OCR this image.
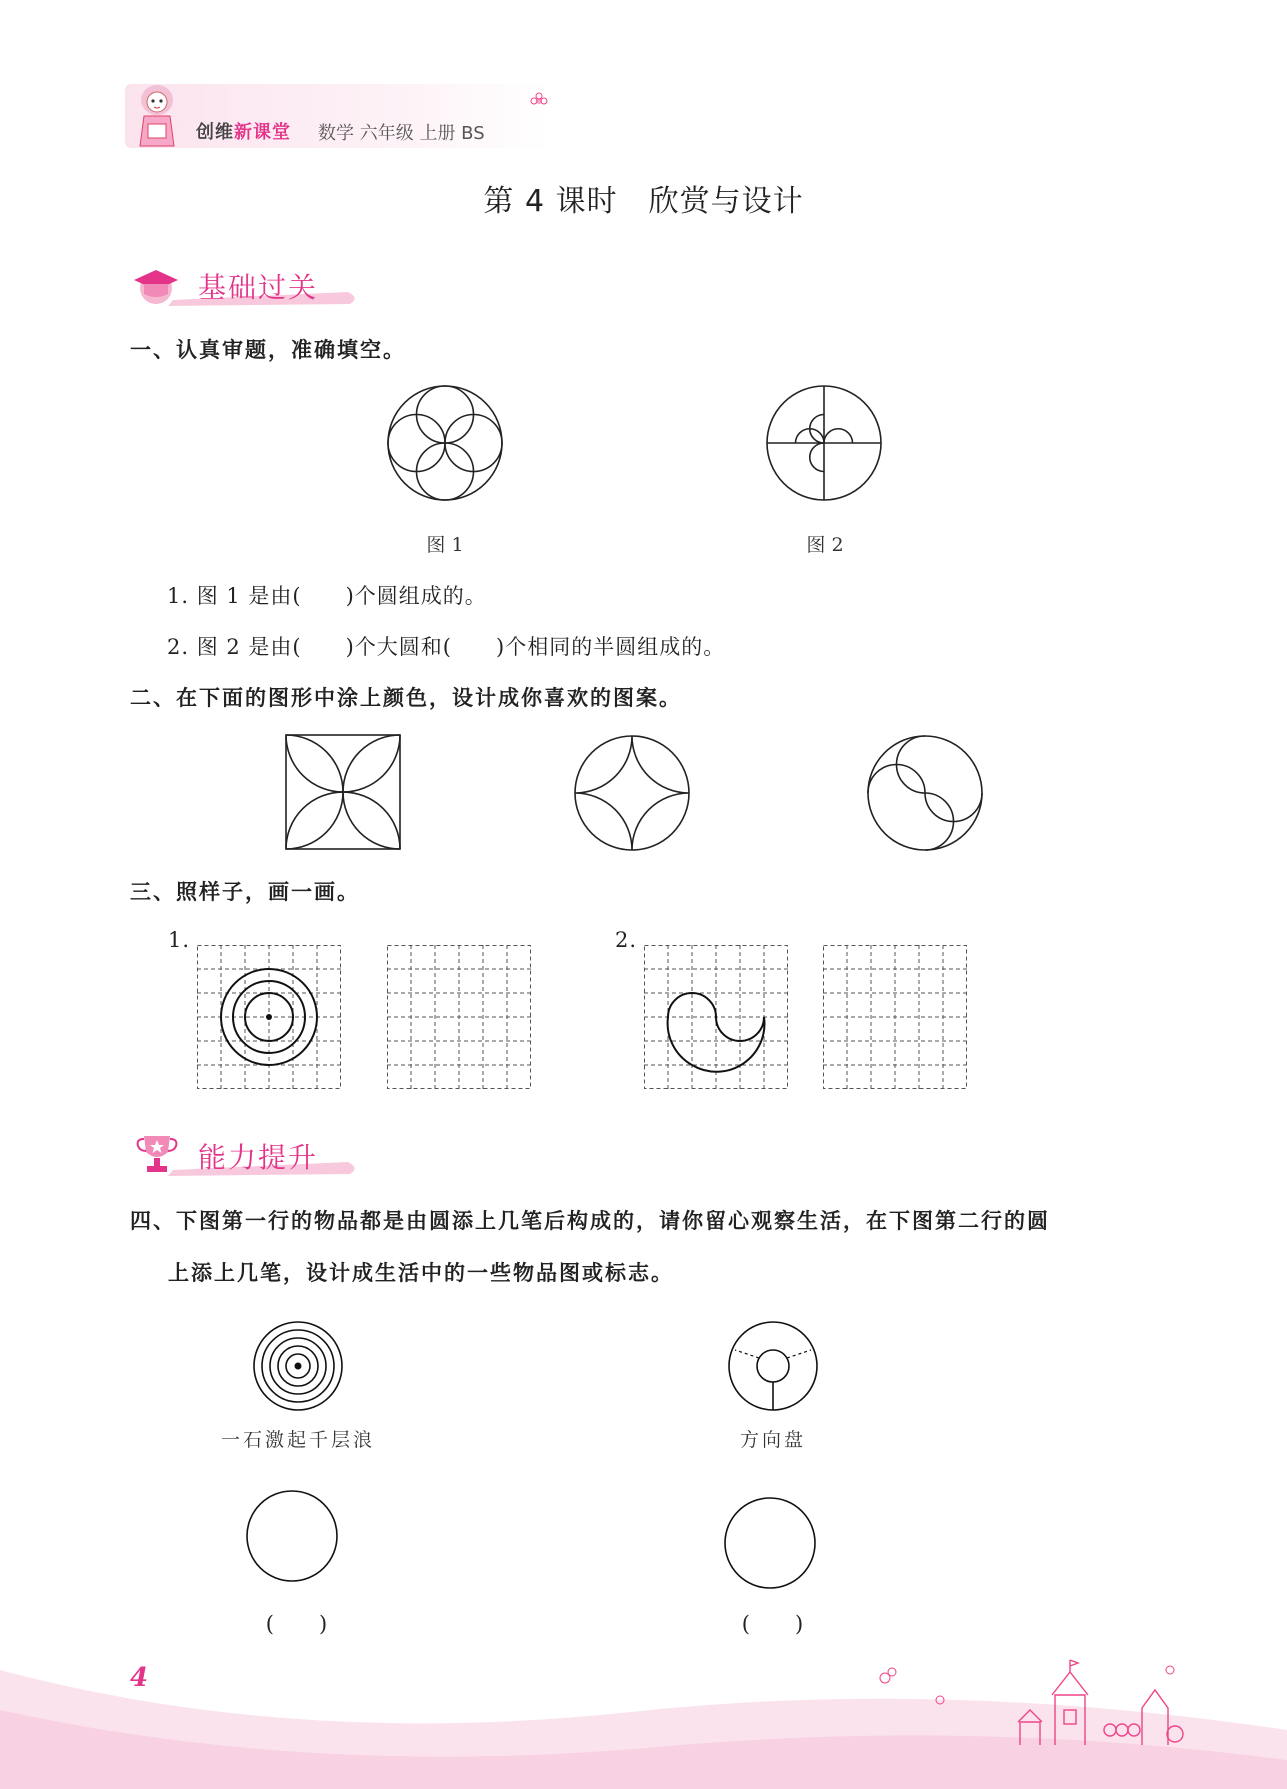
创维新课堂 数学 六年级 上册 BS
第 4 课时　欣赏与设计
基础过关
一、认真审题，准确填空。
图 1	图 2
1. 图 1 是由(　　)个圆组成的。
2. 图 2 是由(　　)个大圆和(　　)个相同的半圆组成的。
二、在下面的图形中涂上颜色，设计成你喜欢的图案。
三、照样子，画一画。
1.	2.
能力提升
四、下图第一行的物品都是由圆添上几笔后构成的，请你留心观察生活，在下图第二行的圆
上添上几笔，设计成生活中的一些物品图或标志。
一石激起千层浪	方向盘
(　　)	(　　)
4
